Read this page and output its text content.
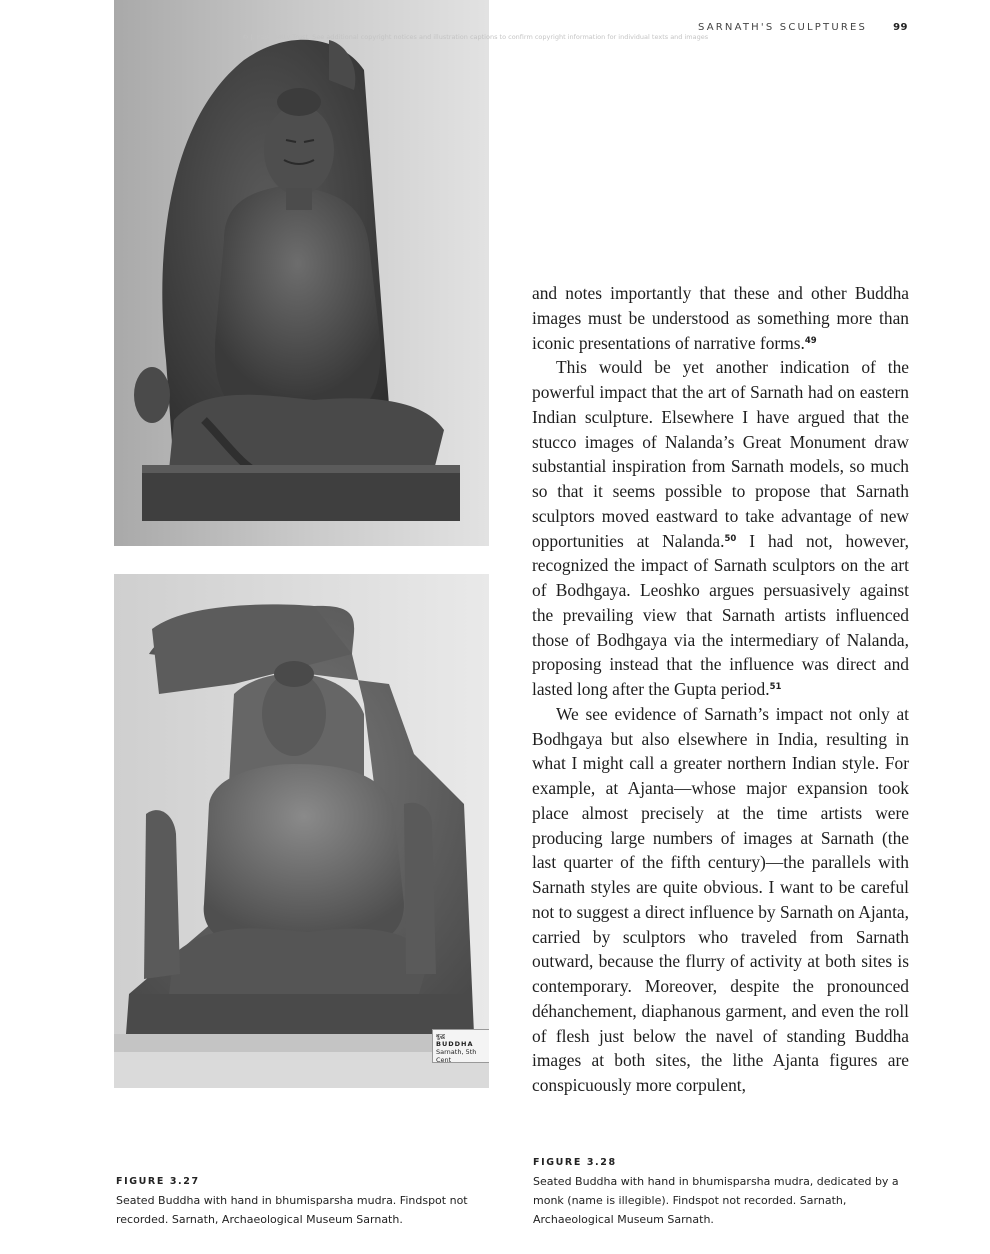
SARNATH'S SCULPTURES	99
© J. Paul Getty Trust. See additional copyright notices and illustration captions to confirm copyright information for individual texts and images
बुद्ध
BUDDHA
Sarnath, 5th Cent

and notes importantly that these and other Buddha images must be understood as something more than iconic presentations of narrative forms.$^{49}$

This would be yet another indication of the powerful impact that the art of Sarnath had on eastern Indian sculpture. Elsewhere I have argued that the stucco images of Nalanda’s Great Monument draw substantial inspiration from Sarnath models, so much so that it seems possible to propose that Sarnath sculptors moved eastward to take advantage of new opportunities at Nalanda.$^{50}$ I had not, however, recognized the impact of Sarnath sculptors on the art of Bodhgaya. Leoshko argues persuasively against the prevailing view that Sarnath artists influenced those of Bodhgaya via the intermediary of Nalanda, proposing instead that the influence was direct and lasted long after the Gupta period.$^{51}$

We see evidence of Sarnath’s impact not only at Bodhgaya but also elsewhere in India, resulting in what I might call a greater northern Indian style. For example, at Ajanta—whose major expansion took place almost precisely at the time artists were producing large numbers of images at Sarnath (the last quarter of the fifth century)—the parallels with Sarnath styles are quite obvious. I want to be careful not to suggest a direct influence by Sarnath on Ajanta, carried by sculptors who traveled from Sarnath outward, because the flurry of activity at both sites is contemporary. Moreover, despite the pronounced déhanchement, diaphanous garment, and even the roll of flesh just below the navel of standing Buddha images at both sites, the lithe Ajanta figures are conspicuously more corpulent,

FIGURE 3.27
Seated Buddha with hand in bhumisparsha mudra. Findspot not recorded. Sarnath, Archaeological Museum Sarnath.
FIGURE 3.28
Seated Buddha with hand in bhumisparsha mudra, dedicated by a monk (name is illegible). Findspot not recorded. Sarnath, Archaeological Museum Sarnath.
